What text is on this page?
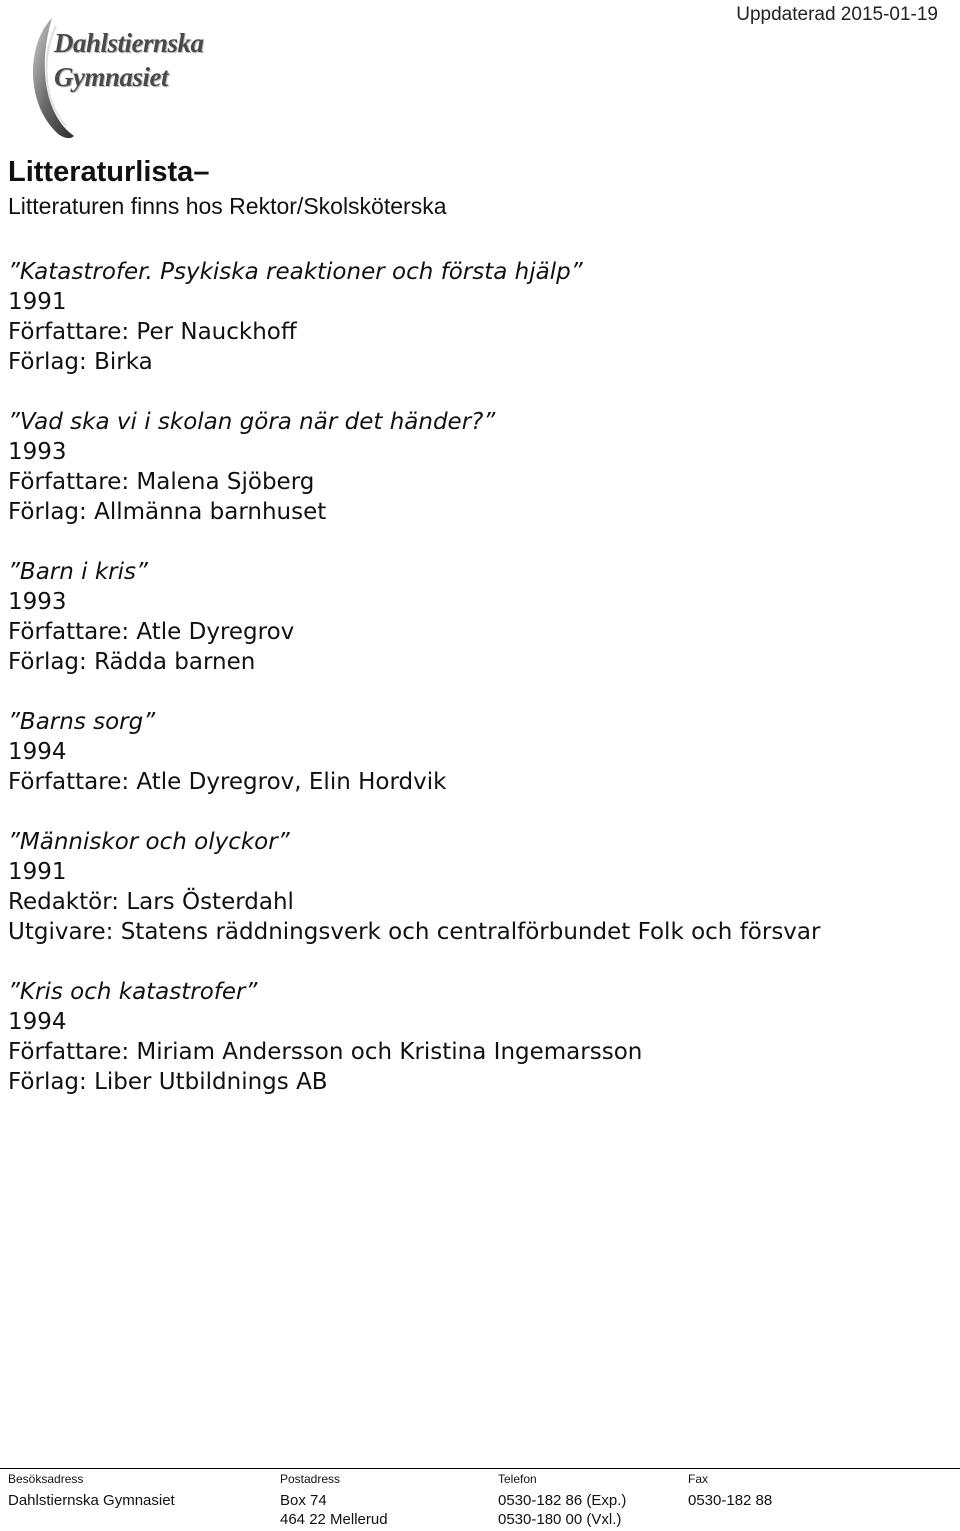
Uppdaterad 2015-01-19
Dahlstiernska
Gymnasiet
Litteraturlista–
Litteraturen finns hos Rektor/Skolsköterska
”Katastrofer. Psykiska reaktioner och första hjälp”
1991
Författare: Per Nauckhoff
Förlag: Birka
”Vad ska vi i skolan göra när det händer?”
1993
Författare: Malena Sjöberg
Förlag: Allmänna barnhuset
”Barn i kris”
1993
Författare: Atle Dyregrov
Förlag: Rädda barnen
”Barns sorg”
1994
Författare: Atle Dyregrov, Elin Hordvik
”Människor och olyckor”
1991
Redaktör: Lars Österdahl
Utgivare: Statens räddningsverk och centralförbundet Folk och försvar
”Kris och katastrofer”
1994
Författare: Miriam Andersson och Kristina Ingemarsson
Förlag: Liber Utbildnings AB
Besöksadress
Dahlstiernska Gymnasiet
Postadress
Box 74
464 22 Mellerud
Telefon
0530-182 86 (Exp.)
0530-180 00 (Vxl.)
Fax
0530-182 88
